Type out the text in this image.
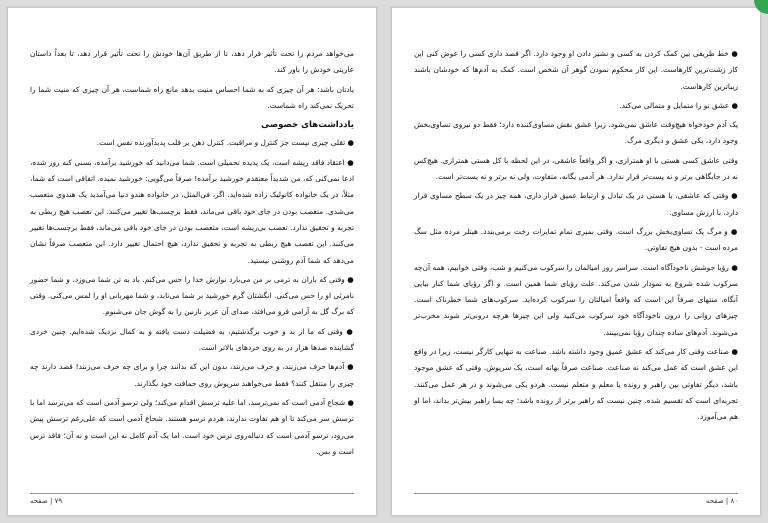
می‌خواهد مردم را تحت تأثیر قرار دهد، تا از طریق آن‌ها خودش را تحت تأثیر قرار دهد، تا بعداً داستان عاریتی خودش را باور کند.

یادتان باشد: هر آن چیزی که به شما احساس منیت بدهد مانع راه شماست، هر آن چیزی که منیت شما را تحریک نمی‌کند راه شماست.

یادداشت‌های خصوصی

● تقلی چیزی نیست جز کنترل و مراقبت. کنترل ذهن بر قلب پدیدآورنده نفس است.

● اعتقاد فاقد ریشه است، یک پدیده تحمیلی است. شما می‌دانید که خورشید برآمده، بسنی کنه روز شده، ادعا نمی‌کنی که، من شدیداً معتقدم خورشید برآمده! صرفاً می‌گویی: خورشید نمیده. اتفاقی است که شما، مثلاً، در یک خانواده کاتولیک زاده شده‌اید. اگر، فی‌المثل، در خانواده هندو دنیا می‌آمدید یک هندوی متعصب می‌شدی. متعصب بودن در جای خود باقی می‌ماند، فقط برچسب‌ها تغییر می‌کنند. این تعصب هیچ ربطی به تجربه و تحقیق ندارد. تعصب بی‌ریشه است، متعصب بودن در جای خود باقی می‌ماند، فقط برچسب‌ها تغییر می‌کنند. این تعصب هیچ ربطی به تجربه و تحقیق ندارد، هیچ احتمال تغییر دارد. این متعصب صرفاً نشان می‌دهد که شما آدم روشنی نیستید.

● وقتی که باران به ترمی بر من می‌بارد نوازش خدا را حس می‌کنم. باد به تن شما می‌وزد، و شما حضور نامرئی او را حس می‌کنی. انگشتان گرم خورشید بر شما می‌تابد، و شما مهربانی او را لمس می‌کنی. وقتی که برگ گل به آرامی فرو می‌افتد، صدای آن عزیز نازنین را به گوش جان می‌شنوم.

● وقتی که ما از بد و خوب برگذشتیم، به فضیلت دست یافته و به کمال نزدیک شده‌ایم. چنین خردی گشاینده صدها هزار در به روی خردهای بالاتر است.

● آدم‌ها حرف می‌زنند، و حرف می‌زنند، بدون این که بدانند چرا و برای چه حرف می‌زنند! قصد دارند چه چیزی را منتقل کنند؟ فقط می‌خواهند سرپوش روی حماقت خود بگذارند.

● شجاع آدمی است که نمی‌ترسد، اما علیه ترسش اقدام می‌کند؛ ولی ترسو آدمی است که می‌ترسد اما با ترسش سر می‌کند تا او هم تفاوت ندارند، هردم ترسو هستند. شجاع آدمی است که علی‌رغم ترسش پیش می‌رود، ترسو آدمی است که دنباله‌روی ترس خود است. اما یک آدم کامل نه این است و نه آن؛ فاقد ترس است و بس.

۷۹ | صفحه

● خط ظریفی بین کمک کردن به کسی و نشیر دادن او وجود دارد. اگر قصد داری کسی را عوض کنی این کار زشت‌ترین کارهاست. این کار محکوم نمودن گوهر آن شخص است. کمک به آدم‌ها که خودشان باشند زیباترین کارهاست.

● عشق نو را متمایل و متمالی می‌کند.

یک آدم خودخواه هیچ‌وقت عاشق نمی‌شود، زیرا عشق نقش مساوی‌کننده دارد؛ فقط دو نیروی تساوی‌بخش وجود دارد، یکی عشق و دیگری مرگ.

وقتی عاشق کسی هستی با او همترازی، و اگر واقعاً عاشقی، در این لحظه با کل هستی همترازی. هیچ‌کس نه در جایگاهی برتر و نه پست‌تر قرار ندارد. هر آدمی یگانه، متفاوت، ولی نه برتر و نه پست‌تر است.

● وقتی که عاشقی، با هستی در یک تبادل و ارتباط عمیق قرار داری، همه چیز در یک سطح مساوی قرار دارد، با ارزش مساوی.

● و مرگ یک تساوی‌بخش بزرگ است. وقتی بمیری تمام تمایزات رخت برمی‌بندد. هیتلر مرده مثل سگ مرده است - بدون هیچ تفاوتی.

● رؤیا جوشش ناخودآگاه است. سراسر روز امیالمان را سرکوب می‌کنیم و شب، وقتی خوابیم، همه آن‌چه سرکوب شده شروع به نمودار شدن می‌کند. علت رؤیای شما همین است. و اگر رؤیای شما کنار بیایی آنگاه، منتهای صرفاً این است که واقعاً امیالتان را سرکوب کرده‌اید. سرکوب‌های شما خطرناک است. چیزهای روانی را درون ناخودآگاه خود سرکوب می‌کنید ولی این چیزها هرچه درونی‌تر شوند مخرب‌تر می‌شوند. آدم‌های ساده چندان رؤیا نمی‌بینند.

● صناعت وقتی کار می‌کند که عشق عمیق وجود داشته باشد. صناعت به تنهایی کارگر نیست، زیرا در واقع این عشق است که عمل می‌کند نه صناعت. صناعت صرفاً بهانه است، یک سرپوش. وقتی که عشق موجود باشد، دیگر تفاوتی بین راهبر و رونده یا معلم و متعلم نیست. هردو یکی می‌شوند و در هر عمل می‌کنند. تجربه‌ای است که تقسیم شده. چنین نیست که راهبر برتر از رونده باشد؛ چه بسا راهبر بیش‌تر بداند، اما او هم می‌آموزد.

۸۰ | صفحه
